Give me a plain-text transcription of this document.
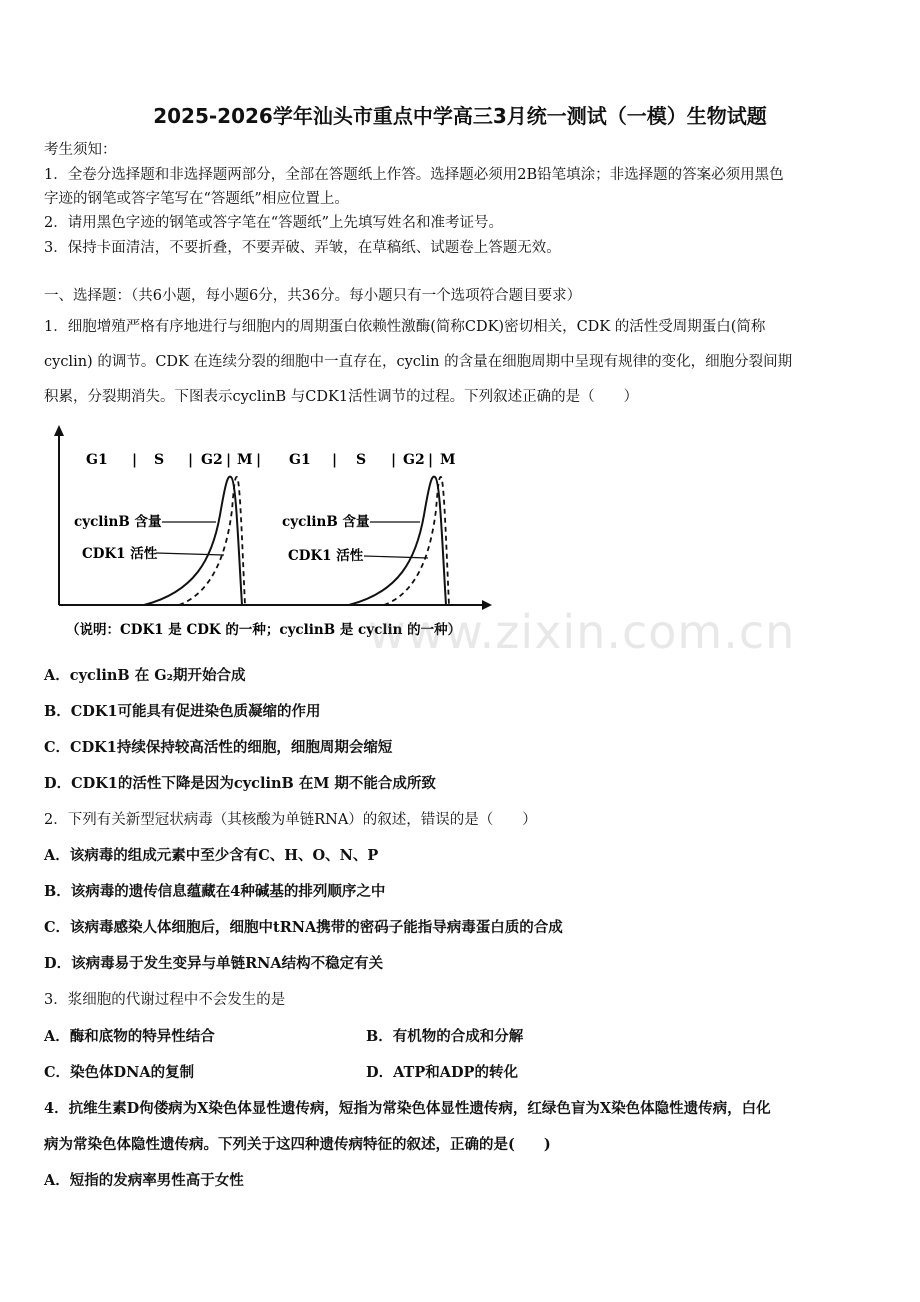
2025-2026学年汕头市重点中学高三3月统一测试（一模）生物试题
考生须知：
1．全卷分选择题和非选择题两部分，全部在答题纸上作答。选择题必须用2B铅笔填涂；非选择题的答案必须用黑色
字迹的钢笔或答字笔写在“答题纸”相应位置上。
2．请用黑色字迹的钢笔或答字笔在“答题纸”上先填写姓名和准考证号。
3．保持卡面清洁，不要折叠，不要弄破、弄皱，在草稿纸、试题卷上答题无效。
一、选择题：（共6小题，每小题6分，共36分。每小题只有一个选项符合题目要求）
1．细胞增殖严格有序地进行与细胞内的周期蛋白依赖性激酶(简称CDK)密切相关，CDK 的活性受周期蛋白(简称
cyclin) 的调节。CDK 在连续分裂的细胞中一直存在，cyclin 的含量在细胞周期中呈现有规律的变化，细胞分裂间期
积累，分裂期消失。下图表示cyclinB 与CDK1活性调节的过程。下列叙述正确的是（　　）
G1 | S | G2 | M | G1 | S | G2 | M
cyclinB 含量
CDK1 活性
cyclinB 含量
CDK1 活性
（说明：CDK1 是 CDK 的一种；cyclinB 是 cyclin 的一种）
www.zixin.com.cn
A．cyclinB 在 G₂期开始合成
B．CDK1可能具有促进染色质凝缩的作用
C．CDK1持续保持较高活性的细胞，细胞周期会缩短
D．CDK1的活性下降是因为cyclinB 在M 期不能合成所致
2．下列有关新型冠状病毒（其核酸为单链RNA）的叙述，错误的是（　　）
A．该病毒的组成元素中至少含有C、H、O、N、P
B．该病毒的遗传信息蕴藏在4种碱基的排列顺序之中
C．该病毒感染人体细胞后，细胞中tRNA携带的密码子能指导病毒蛋白质的合成
D．该病毒易于发生变异与单链RNA结构不稳定有关
3．浆细胞的代谢过程中不会发生的是
A．酶和底物的特异性结合	B．有机物的合成和分解
C．染色体DNA的复制	D．ATP和ADP的转化
4．抗维生素D佝偻病为X染色体显性遗传病，短指为常染色体显性遗传病，红绿色盲为X染色体隐性遗传病，白化
病为常染色体隐性遗传病。下列关于这四种遗传病特征的叙述，正确的是(　　)
A．短指的发病率男性高于女性
